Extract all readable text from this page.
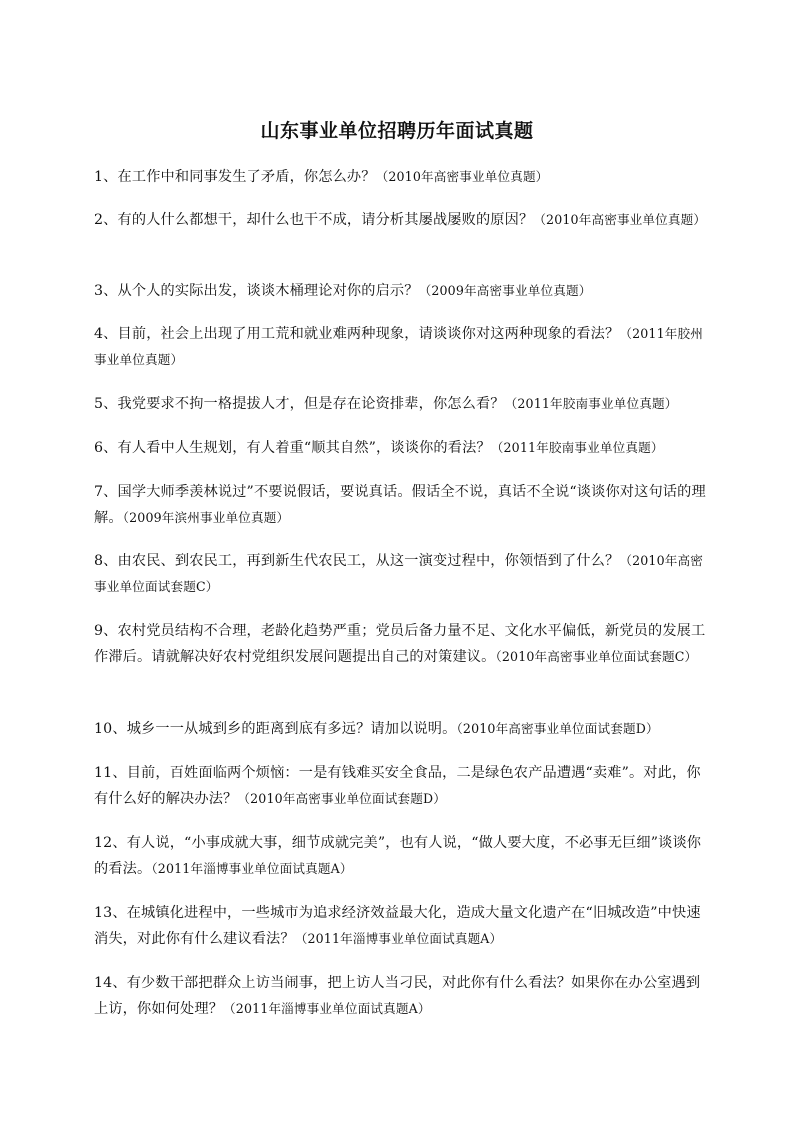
山东事业单位招聘历年面试真题
1、在工作中和同事发生了矛盾，你怎么办？（2010年高密事业单位真题）
2、有的人什么都想干，却什么也干不成，请分析其屡战屡败的原因？（2010年高密事业单位真题）
3、从个人的实际出发，谈谈木桶理论对你的启示？（2009年高密事业单位真题）
4、目前，社会上出现了用工荒和就业难两种现象，请谈谈你对这两种现象的看法？（2011年胶州事业单位真题）
5、我党要求不拘一格提拔人才，但是存在论资排辈，你怎么看？（2011年胶南事业单位真题）
6、有人看中人生规划，有人着重“顺其自然”，谈谈你的看法？（2011年胶南事业单位真题）
7、国学大师季羡林说过”不要说假话，要说真话。假话全不说，真话不全说“谈谈你对这句话的理解。（2009年滨州事业单位真题）
8、由农民、到农民工，再到新生代农民工，从这一演变过程中，你领悟到了什么？（2010年高密事业单位面试套题C）
9、农村党员结构不合理，老龄化趋势严重；党员后备力量不足、文化水平偏低，新党员的发展工作滞后。请就解决好农村党组织发展问题提出自己的对策建议。（2010年高密事业单位面试套题C）
10、城乡一一从城到乡的距离到底有多远？请加以说明。（2010年高密事业单位面试套题D）
11、目前，百姓面临两个烦恼：一是有钱难买安全食品，二是绿色农产品遭遇“卖难”。对此，你有什么好的解决办法？（2010年高密事业单位面试套题D）
12、有人说，“小事成就大事，细节成就完美”，也有人说，“做人要大度，不必事无巨细”谈谈你的看法。（2011年淄博事业单位面试真题A）
13、在城镇化进程中，一些城市为追求经济效益最大化，造成大量文化遗产在“旧城改造”中快速消失，对此你有什么建议看法？（2011年淄博事业单位面试真题A）
14、有少数干部把群众上访当闹事，把上访人当刁民，对此你有什么看法？如果你在办公室遇到上访，你如何处理？（2011年淄博事业单位面试真题A）
